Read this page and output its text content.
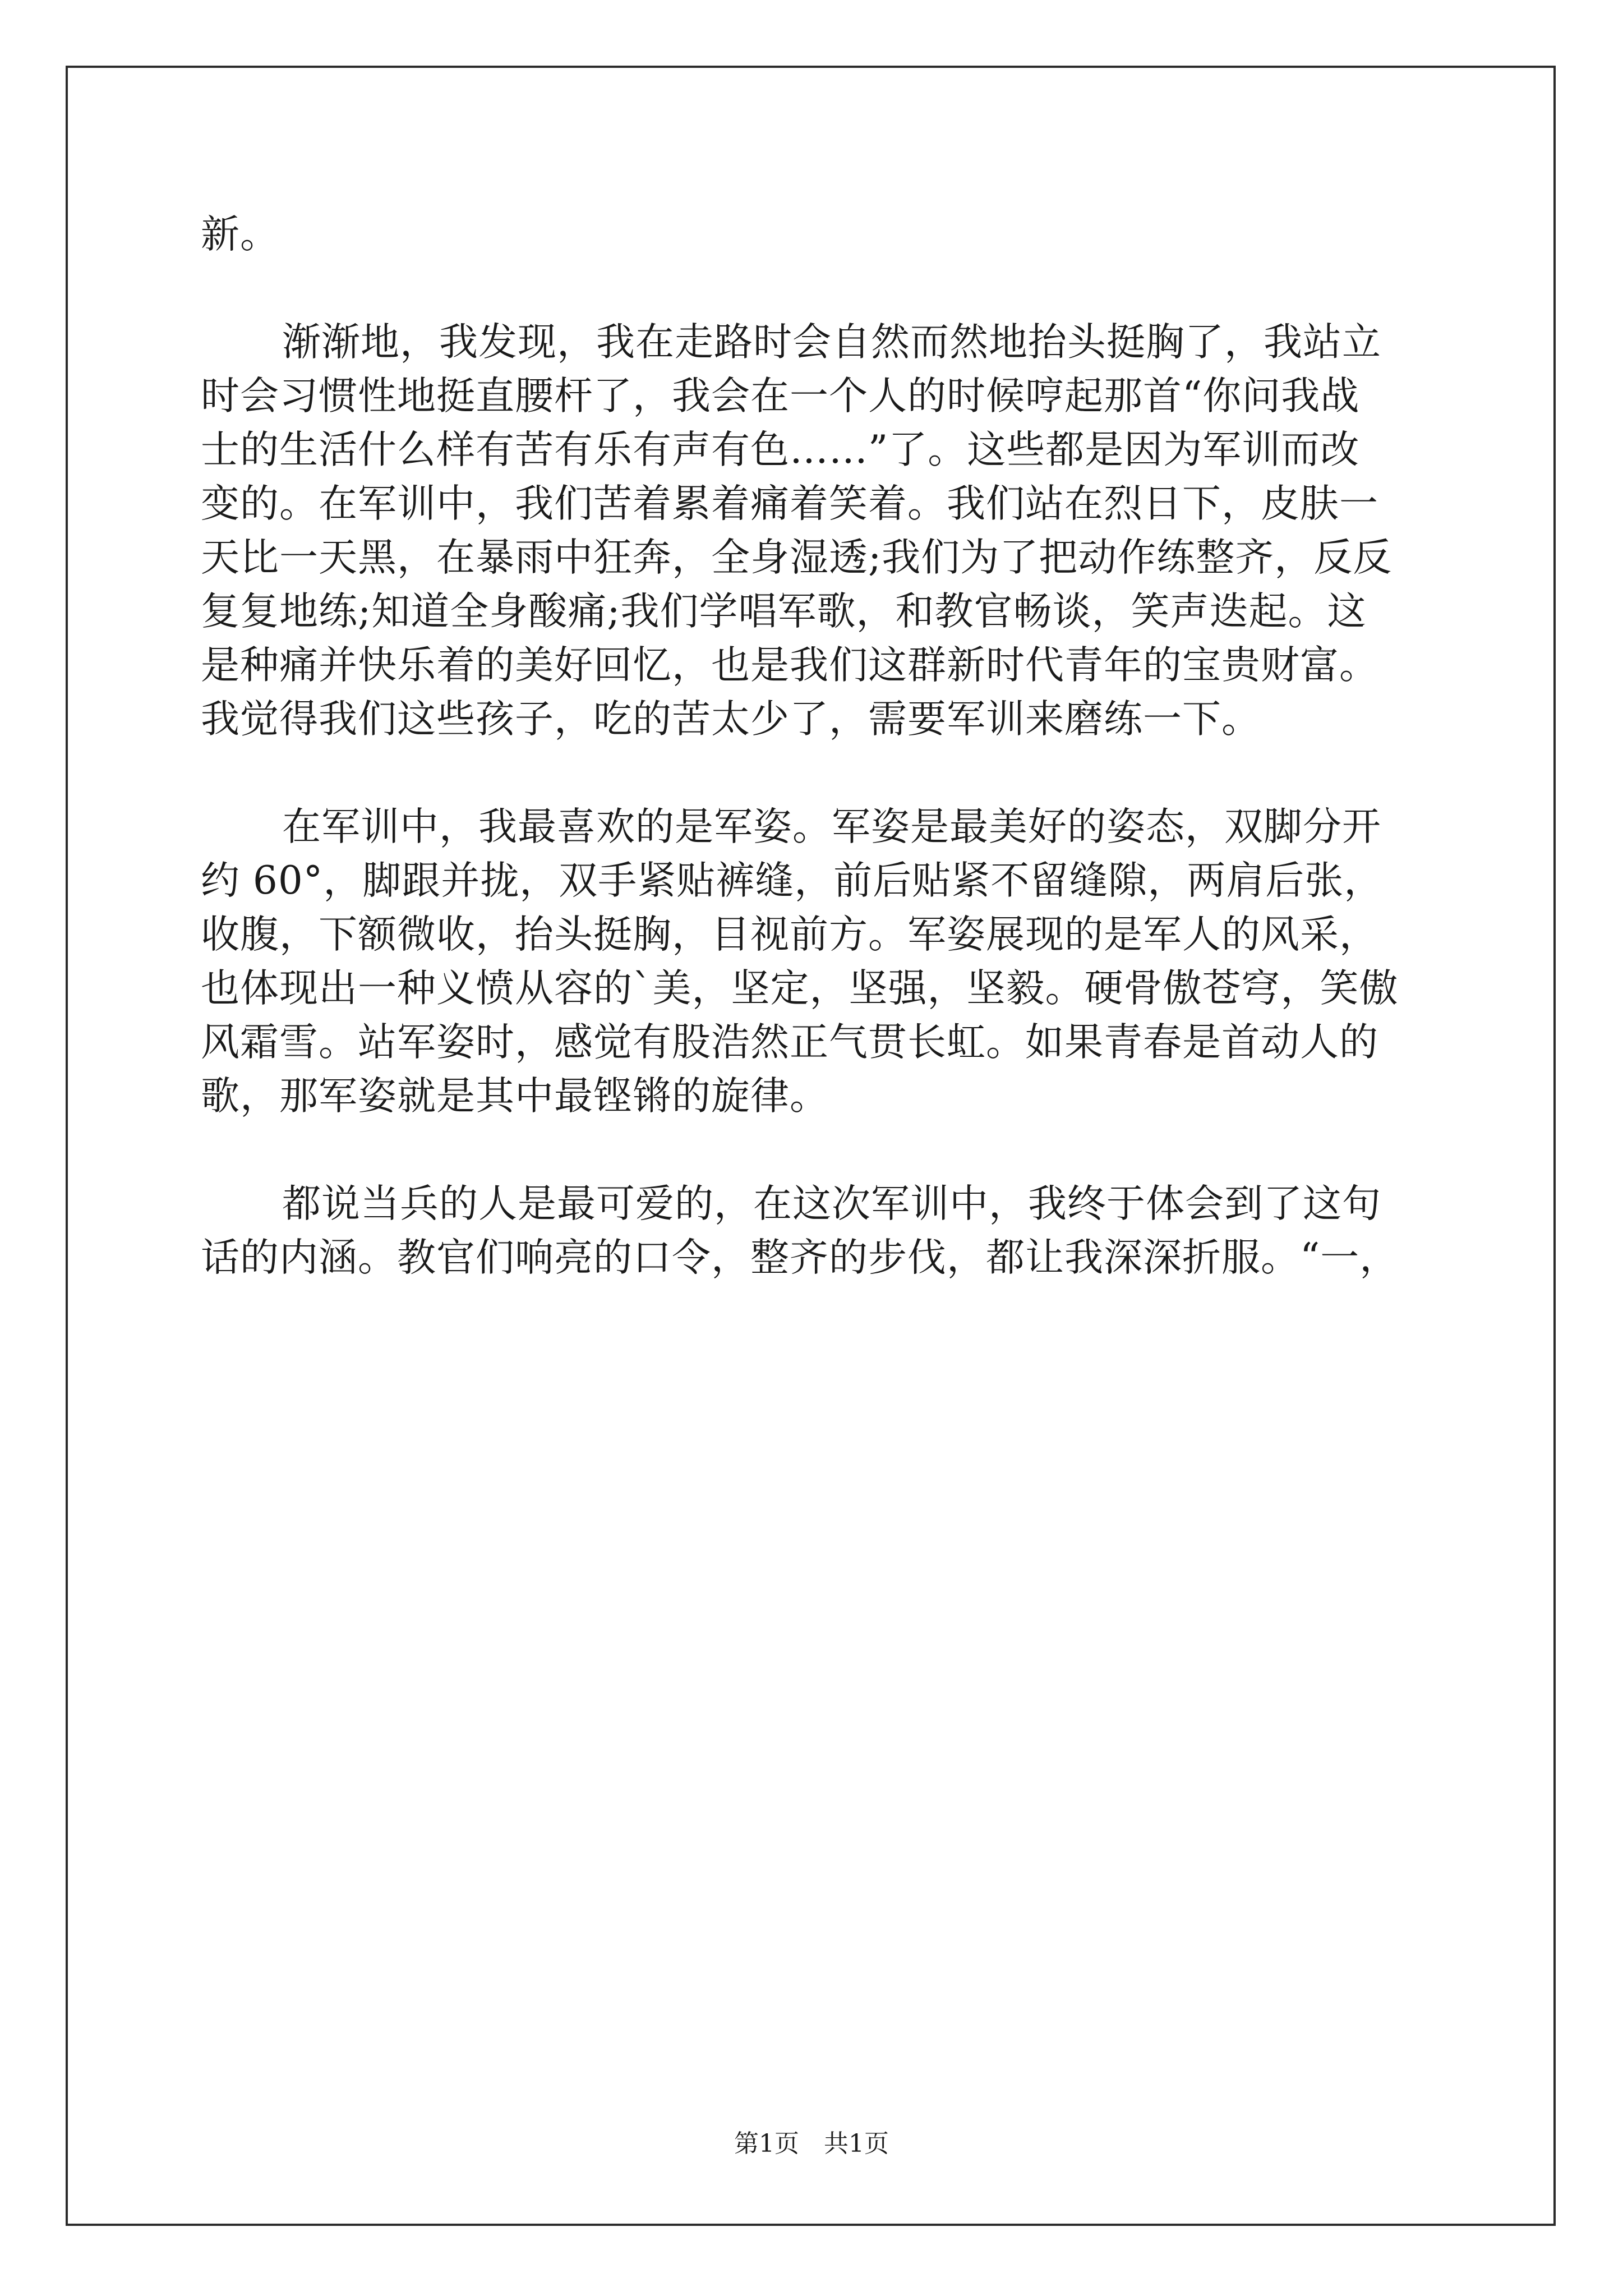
新。
渐渐地，我发现，我在走路时会自然而然地抬头挺胸了，我站立
时会习惯性地挺直腰杆了，我会在一个人的时候哼起那首“你问我战
士的生活什么样有苦有乐有声有色……”了。这些都是因为军训而改
变的。在军训中，我们苦着累着痛着笑着。我们站在烈日下，皮肤一
天比一天黑，在暴雨中狂奔，全身湿透;我们为了把动作练整齐，反反
复复地练;知道全身酸痛;我们学唱军歌，和教官畅谈，笑声迭起。这
是种痛并快乐着的美好回忆，也是我们这群新时代青年的宝贵财富。
我觉得我们这些孩子，吃的苦太少了，需要军训来磨练一下。
在军训中，我最喜欢的是军姿。军姿是最美好的姿态，双脚分开
约 60°，脚跟并拢，双手紧贴裤缝，前后贴紧不留缝隙，两肩后张，
收腹，下额微收，抬头挺胸，目视前方。军姿展现的是军人的风采，
也体现出一种义愤从容的`美，坚定，坚强，坚毅。硬骨傲苍穹，笑傲
风霜雪。站军姿时，感觉有股浩然正气贯长虹。如果青春是首动人的
歌，那军姿就是其中最铿锵的旋律。
都说当兵的人是最可爱的，在这次军训中，我终于体会到了这句
话的内涵。教官们响亮的口令，整齐的步伐，都让我深深折服。“一，
第1页　共1页
